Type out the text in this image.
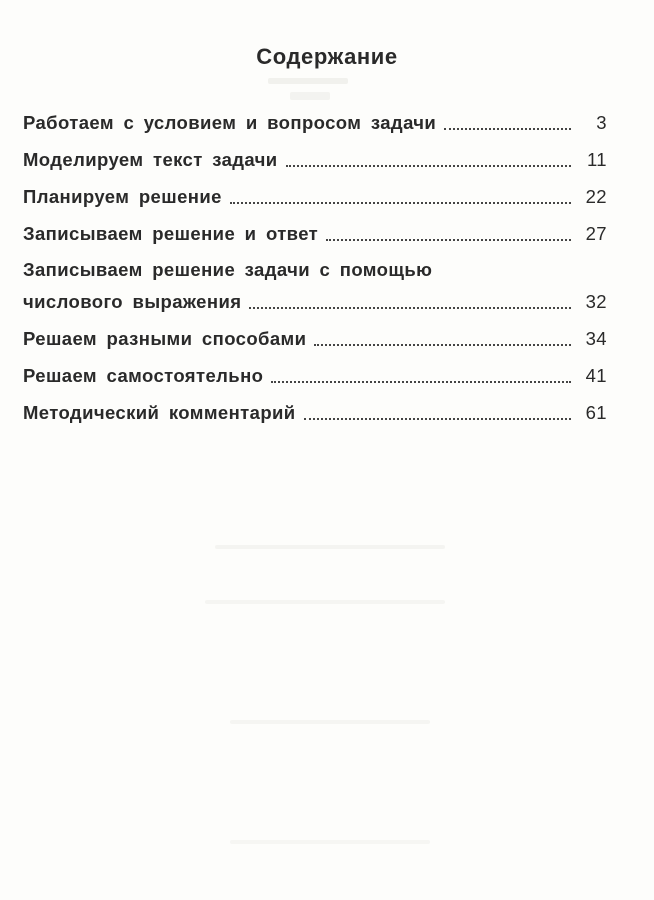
Содержание
Работаем с условием и вопросом задачи	3
Моделируем текст задачи	11
Планируем решение	22
Записываем решение и ответ	27
Записываем решение задачи с помощью
числового выражения	32
Решаем разными способами	34
Решаем самостоятельно	41
Методический комментарий	61
